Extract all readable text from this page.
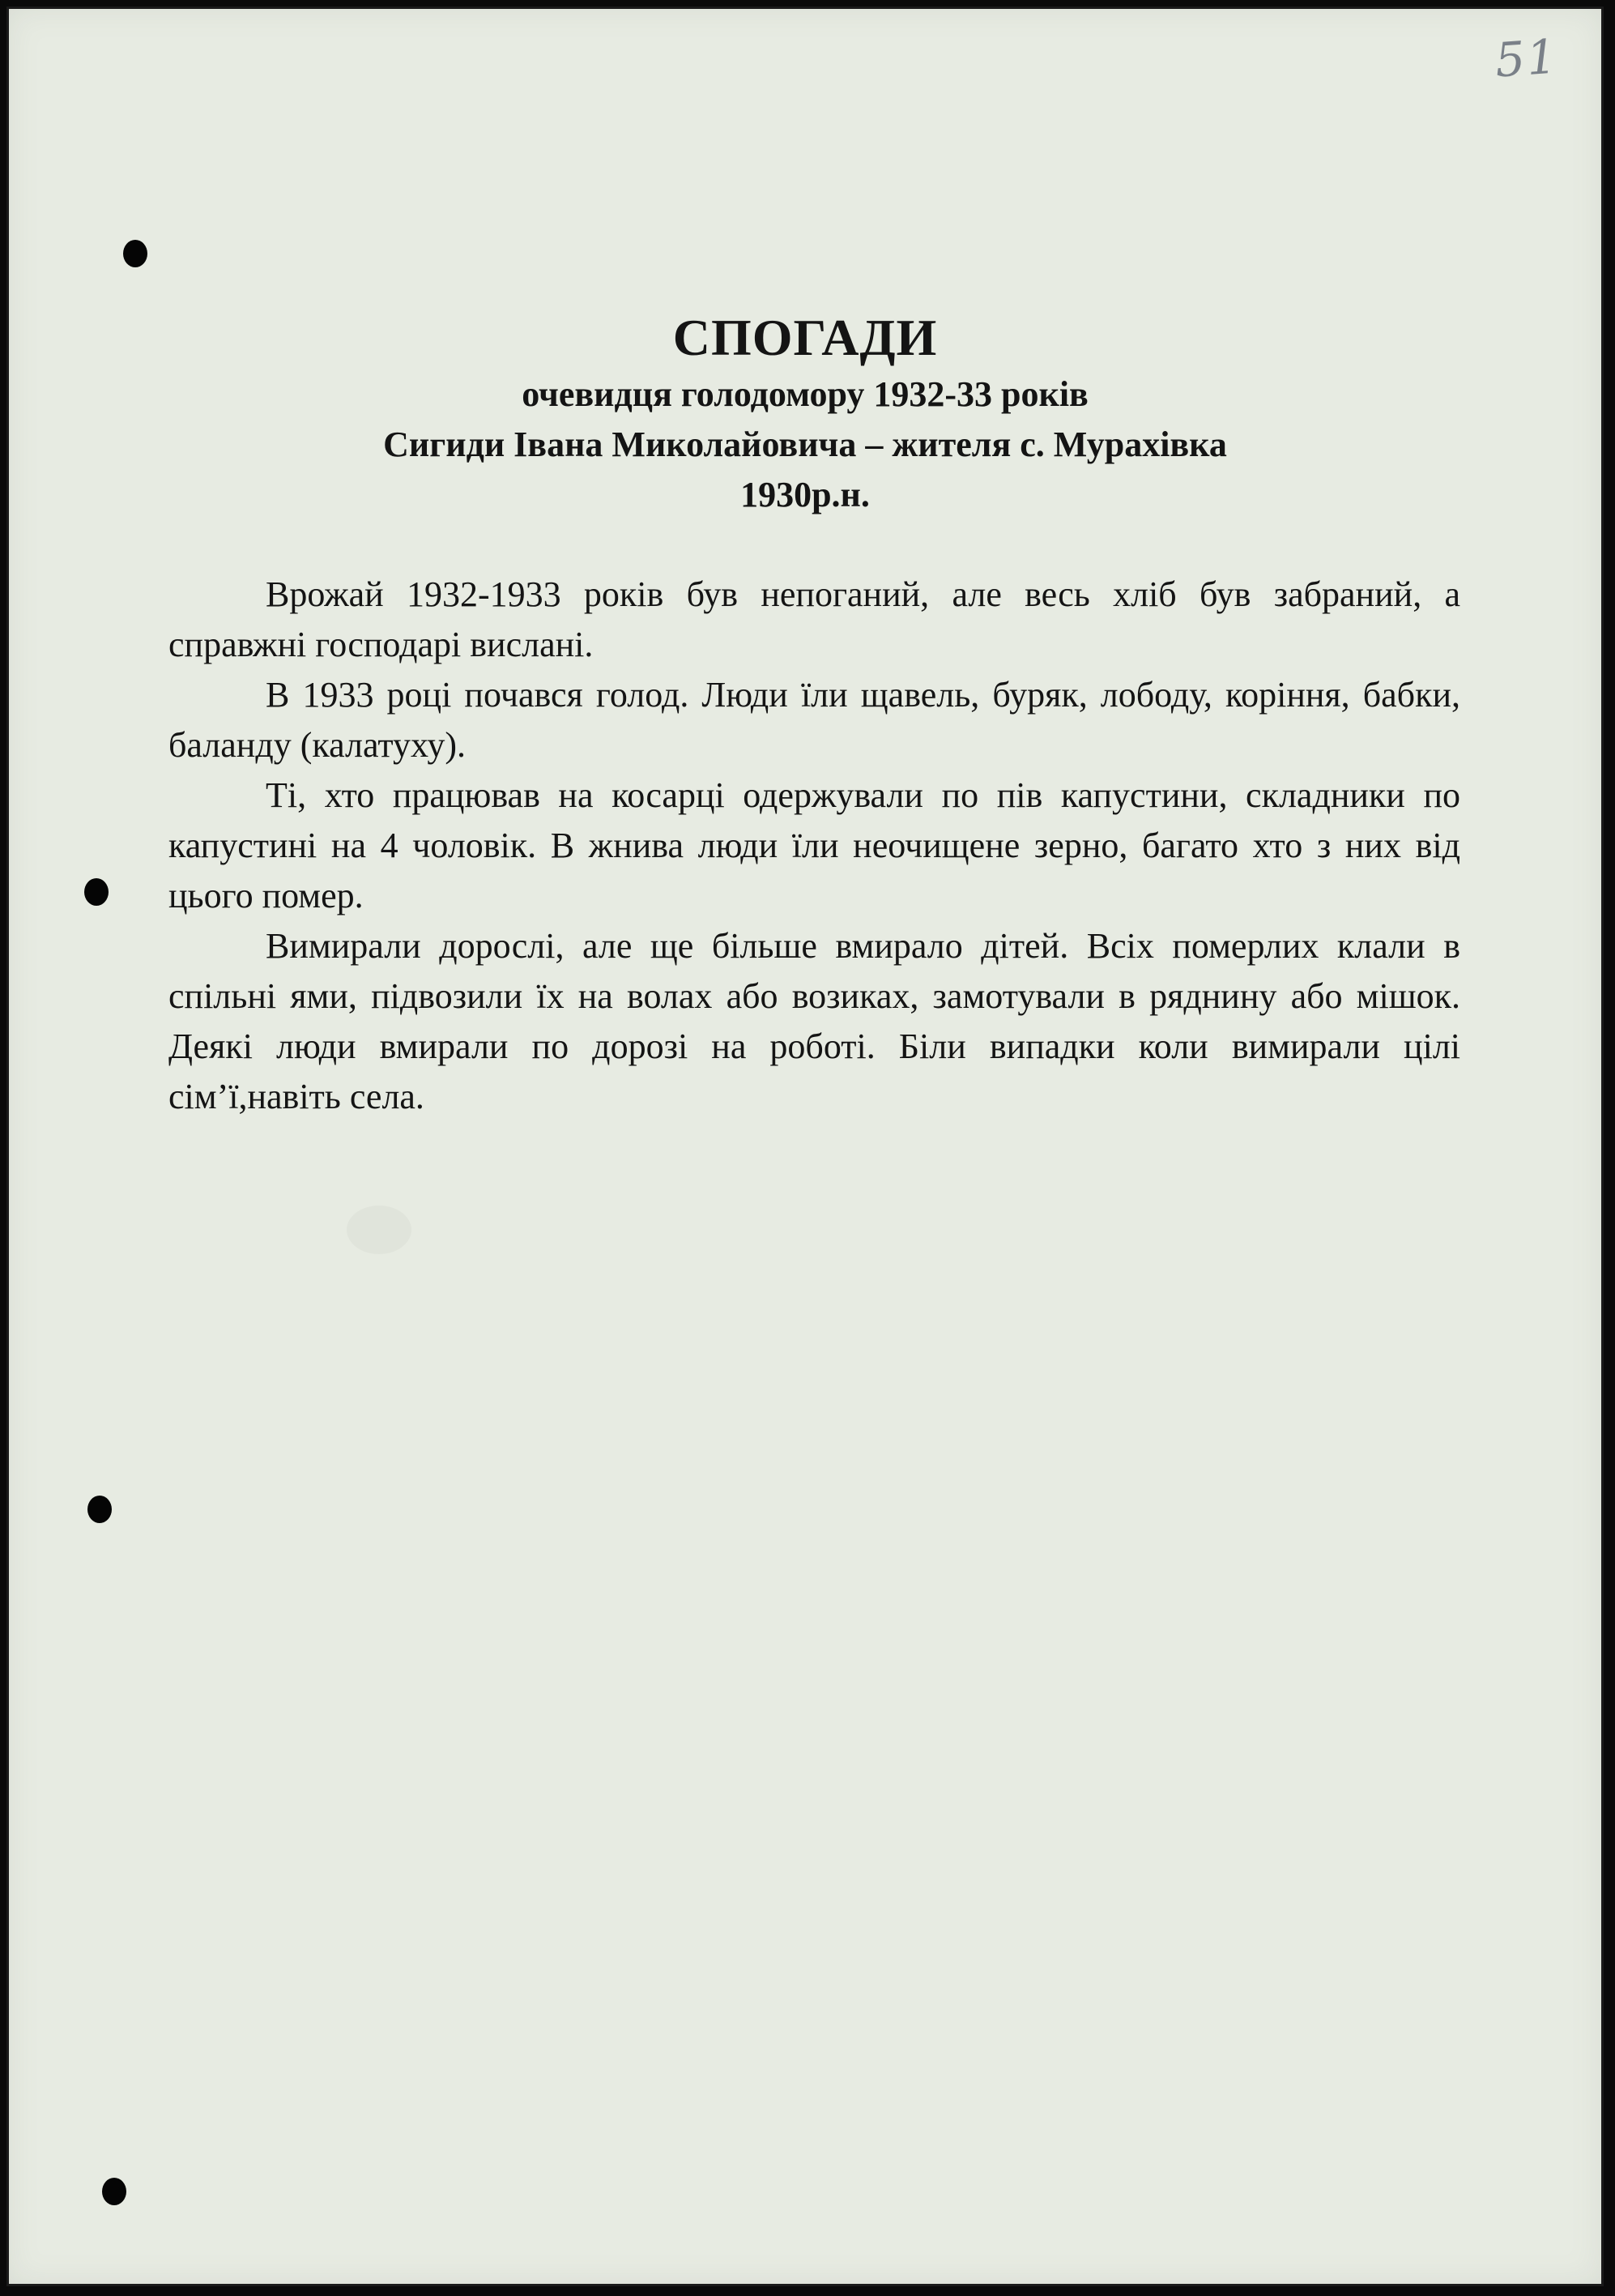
51

СПОГАДИ

очевидця голодомору 1932-33 років

Сигиди Івана Миколайовича – жителя с. Мурахівка

1930р.н.

Врожай 1932-1933 років був непоганий, але весь хліб був забраний, а справжні господарі вислані.

В 1933 році почався голод. Люди їли щавель, буряк, лободу, коріння, бабки, баланду (калатуху).

Ті, хто працював на косарці одержували по пів капустини, складники по капустині на 4 чоловік. В жнива люди їли неочищене зерно, багато хто з них від цього помер.

Вимирали дорослі, але ще більше вмирало дітей. Всіх померлих клали в спільні ями, підвозили їх на волах або возиках, замотували в ряднину або мішок. Деякі люди вмирали по дорозі на роботі. Біли випадки коли вимирали цілі сім’ї,навіть села.
